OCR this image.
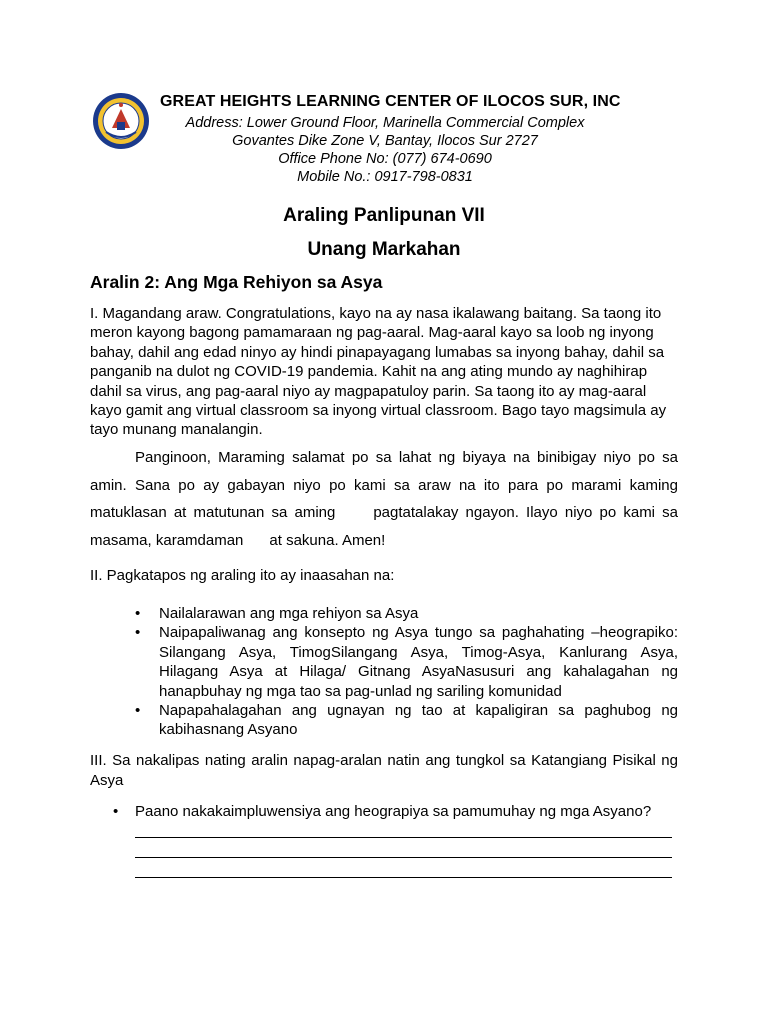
GREAT HEIGHTS LEARNING CENTER OF ILOCOS SUR, INC
Address: Lower Ground Floor, Marinella Commercial Complex
Govantes Dike Zone V, Bantay, Ilocos Sur 2727
Office Phone No: (077) 674-0690
Mobile No.: 0917-798-0831
Araling Panlipunan VII
Unang Markahan
Aralin 2: Ang Mga Rehiyon sa Asya
I. Magandang araw. Congratulations, kayo na ay nasa ikalawang baitang. Sa taong ito meron kayong bagong pamamaraan ng pag-aaral. Mag-aaral kayo sa loob ng inyong bahay, dahil ang edad ninyo ay hindi pinapayagang lumabas sa inyong bahay, dahil sa panganib na dulot ng COVID-19 pandemia. Kahit na ang ating mundo ay naghihirap dahil sa virus, ang pag-aaral niyo ay magpapatuloy parin. Sa taong ito ay mag-aaral kayo gamit ang virtual classroom sa inyong virtual classroom. Bago tayo magsimula ay tayo munang manalangin.
Panginoon, Maraming salamat po sa lahat ng biyaya na binibigay niyo po sa amin. Sana po ay gabayan niyo po kami sa araw na ito para po marami kaming matuklasan at matutunan sa aming	pagtatalakay ngayon. Ilayo niyo po kami sa masama, karamdaman at sakuna. Amen!
II. Pagkatapos ng araling ito ay inaasahan na:
• Nailalarawan ang mga rehiyon sa Asya
• Naipapaliwanag ang konsepto ng Asya tungo sa paghahating –heograpiko: Silangang Asya, TimogSilangang Asya, Timog-Asya, Kanlurang Asya, Hilagang Asya at Hilaga/ Gitnang AsyaNasusuri ang kahalagahan ng hanapbuhay ng mga tao sa pag-unlad ng sariling komunidad
• Napapahalagahan ang ugnayan ng tao at kapaligiran sa paghubog ng kabihasnang Asyano
III. Sa nakalipas nating aralin napag-aralan natin ang tungkol sa Katangiang Pisikal ng Asya
• Paano nakakaimpluwensiya ang heograpiya sa pamumuhay ng mga Asyano?
